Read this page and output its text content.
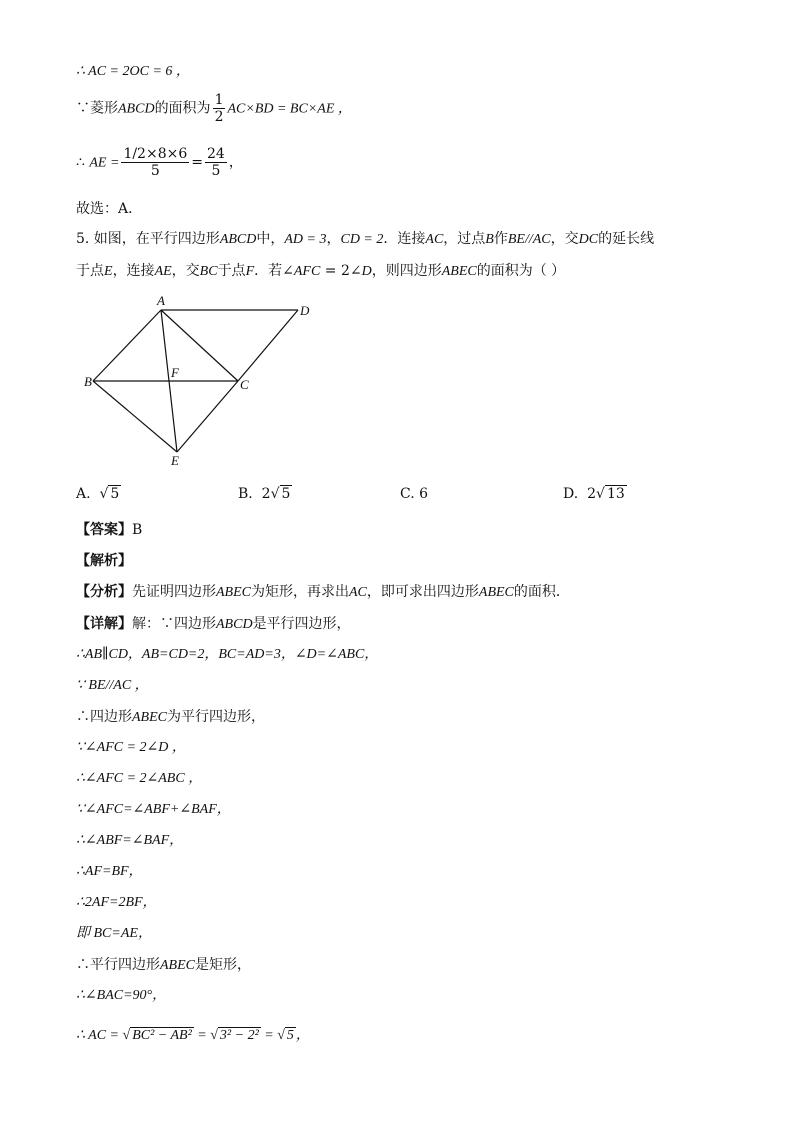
∴ AC = 2OC = 6 ，
∵菱形ABCD的面积为 $\frac{1}{2} AC\times BD = BC\times AE$ ，
∴ AE = $\frac{1/2\times 8\times 6}{5} = \frac{24}{5}$ ，
故选：A．
5. 如图，在平行四边形ABCD中，AD = 3，CD = 2．连接AC，过点B作BE//AC，交DC的延长线
于点E，连接AE，交BC于点F．若∠AFC = 2∠D，则四边形ABEC的面积为（ ）
A
D
B
F
C
E
A.  √ 5	B. 2√ 5	C. 6	D. 2√ 13
【答案】B
【解析】
【分析】先证明四边形ABEC为矩形，再求出AC，即可求出四边形ABEC的面积．
【详解】解：∵四边形ABCD是平行四边形，
∴AB∥CD，AB=CD=2，BC=AD=3，∠D=∠ABC，
∵ BE//AC ，
∴四边形ABEC为平行四边形，
∵∠AFC = 2∠D ，
∴∠AFC = 2∠ABC ，
∵∠AFC=∠ABF+∠BAF，
∴∠ABF=∠BAF，
∴AF=BF，
∴2AF=2BF，
即 BC=AE，
∴平行四边形ABEC是矩形，
∴∠BAC=90°，
∴ AC = √ BC² − AB² = √ 3² − 2² = √ 5 ，
